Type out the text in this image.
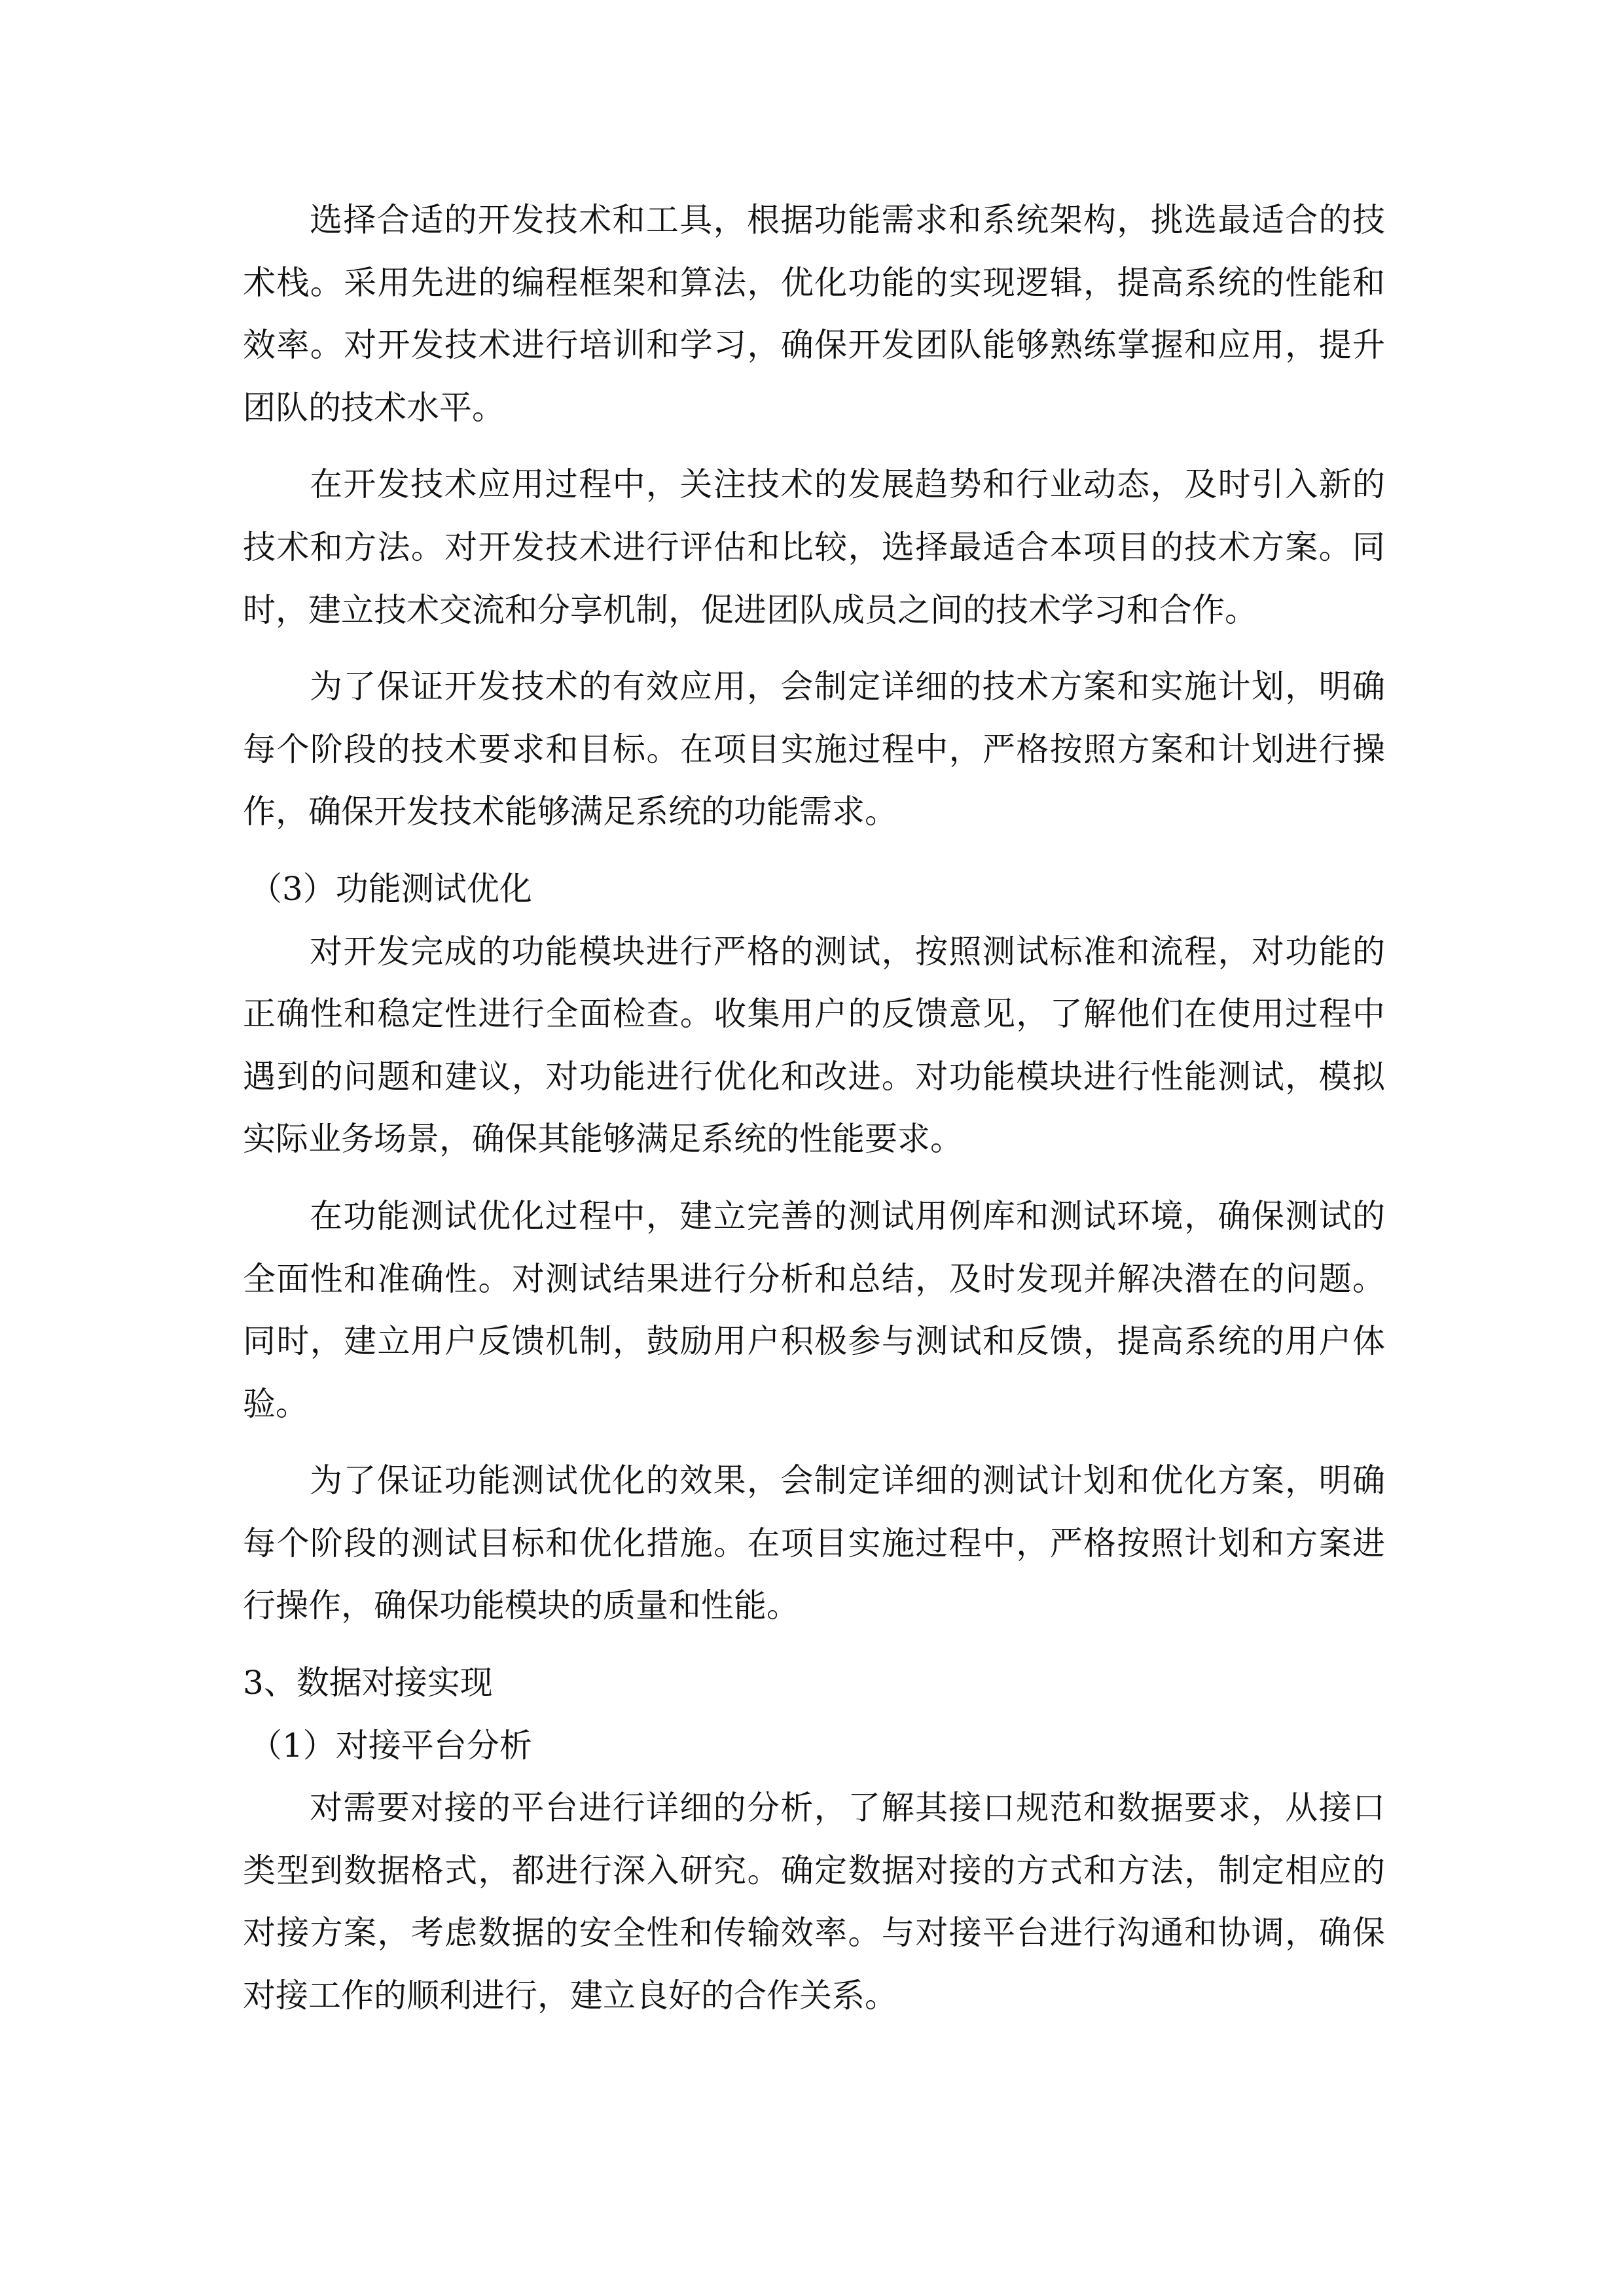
选择合适的开发技术和工具，根据功能需求和系统架构，挑选最适合的技
术栈。采用先进的编程框架和算法，优化功能的实现逻辑，提高系统的性能和
效率。对开发技术进行培训和学习，确保开发团队能够熟练掌握和应用，提升
团队的技术水平。
在开发技术应用过程中，关注技术的发展趋势和行业动态，及时引入新的
技术和方法。对开发技术进行评估和比较，选择最适合本项目的技术方案。同
时，建立技术交流和分享机制，促进团队成员之间的技术学习和合作。
为了保证开发技术的有效应用，会制定详细的技术方案和实施计划，明确
每个阶段的技术要求和目标。在项目实施过程中，严格按照方案和计划进行操
作，确保开发技术能够满足系统的功能需求。
（3）功能测试优化
对开发完成的功能模块进行严格的测试，按照测试标准和流程，对功能的
正确性和稳定性进行全面检查。收集用户的反馈意见，了解他们在使用过程中
遇到的问题和建议，对功能进行优化和改进。对功能模块进行性能测试，模拟
实际业务场景，确保其能够满足系统的性能要求。
在功能测试优化过程中，建立完善的测试用例库和测试环境，确保测试的
全面性和准确性。对测试结果进行分析和总结，及时发现并解决潜在的问题。
同时，建立用户反馈机制，鼓励用户积极参与测试和反馈，提高系统的用户体
验。
为了保证功能测试优化的效果，会制定详细的测试计划和优化方案，明确
每个阶段的测试目标和优化措施。在项目实施过程中，严格按照计划和方案进
行操作，确保功能模块的质量和性能。
3、数据对接实现
（1）对接平台分析
对需要对接的平台进行详细的分析，了解其接口规范和数据要求，从接口
类型到数据格式，都进行深入研究。确定数据对接的方式和方法，制定相应的
对接方案，考虑数据的安全性和传输效率。与对接平台进行沟通和协调，确保
对接工作的顺利进行，建立良好的合作关系。
